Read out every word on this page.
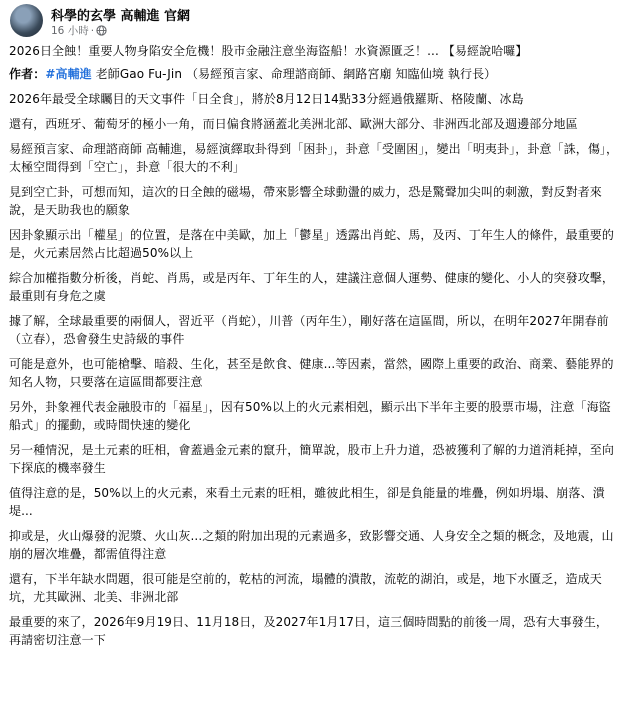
科學的玄學 高輔進 官網
16 小時 ·

2026日全蝕！重要人物身陷安全危機！股市金融注意坐海盜船！水資源匱乏！... 【易經說哈囉】

作者：#高輔進 老師Gao Fu-Jin （易經預言家、命理諮商師、網路宮廟 知臨仙境 執行長）

2026年最受全球矚目的天文事件「日全食」，將於8月12日14點33分經過俄羅斯、格陵蘭、冰島

還有，西班牙、葡萄牙的極小一角，而日偏食將涵蓋北美洲北部、歐洲大部分、非洲西北部及週邊部分地區

易經預言家、命理諮商師 高輔進，易經演繹取卦得到「困卦」，卦意「受圍困」，變出「明夷卦」，卦意「誅，傷」，太極空間得到「空亡」，卦意「很大的不利」

見到空亡卦，可想而知，這次的日全蝕的磁場，帶來影響全球動盪的威力，恐是驚聲加尖叫的刺激，對反對者來說，是天助我也的願象

因卦象顯示出「權星」的位置，是落在中美歐，加上「鬱星」透露出肖蛇、馬，及丙、丁年生人的條件，最重要的是，火元素居然占比超過50%以上

綜合加權指數分析後，肖蛇、肖馬，或是丙年、丁年生的人，建議注意個人運勢、健康的變化、小人的突發攻擊，最重則有身危之虞

據了解，全球最重要的兩個人，習近平（肖蛇），川普（丙年生），剛好落在這區間，所以，在明年2027年開春前（立春），恐會發生史詩級的事件

可能是意外，也可能槍擊、暗殺、生化，甚至是飲食、健康...等因素，當然，國際上重要的政治、商業、藝能界的知名人物，只要落在這區間都要注意

另外，卦象裡代表金融股市的「福星」，因有50%以上的火元素相剋，顯示出下半年主要的股票市場，注意「海盜船式」的擺動，或時間快速的變化

另一種情況，是土元素的旺相，會蓋過金元素的竄升，簡單說，股市上升力道，恐被獲利了解的力道消耗掉，至向下探底的機率發生

值得注意的是，50%以上的火元素，來看土元素的旺相，雖彼此相生，卻是負能量的堆疊，例如坍塌、崩落、潰堤...

抑或是，火山爆發的泥漿、火山灰...之類的附加出現的元素過多，致影響交通、人身安全之類的概念，及地震，山崩的層次堆疊，都需值得注意

還有，下半年缺水問題，很可能是空前的，乾枯的河流，塌體的潰散，流乾的湖泊，或是，地下水匱乏，造成天坑，尤其歐洲、北美、非洲北部

最重要的來了，2026年9月19日、11月18日，及2027年1月17日，這三個時間點的前後一周，恐有大事發生，再請密切注意一下
